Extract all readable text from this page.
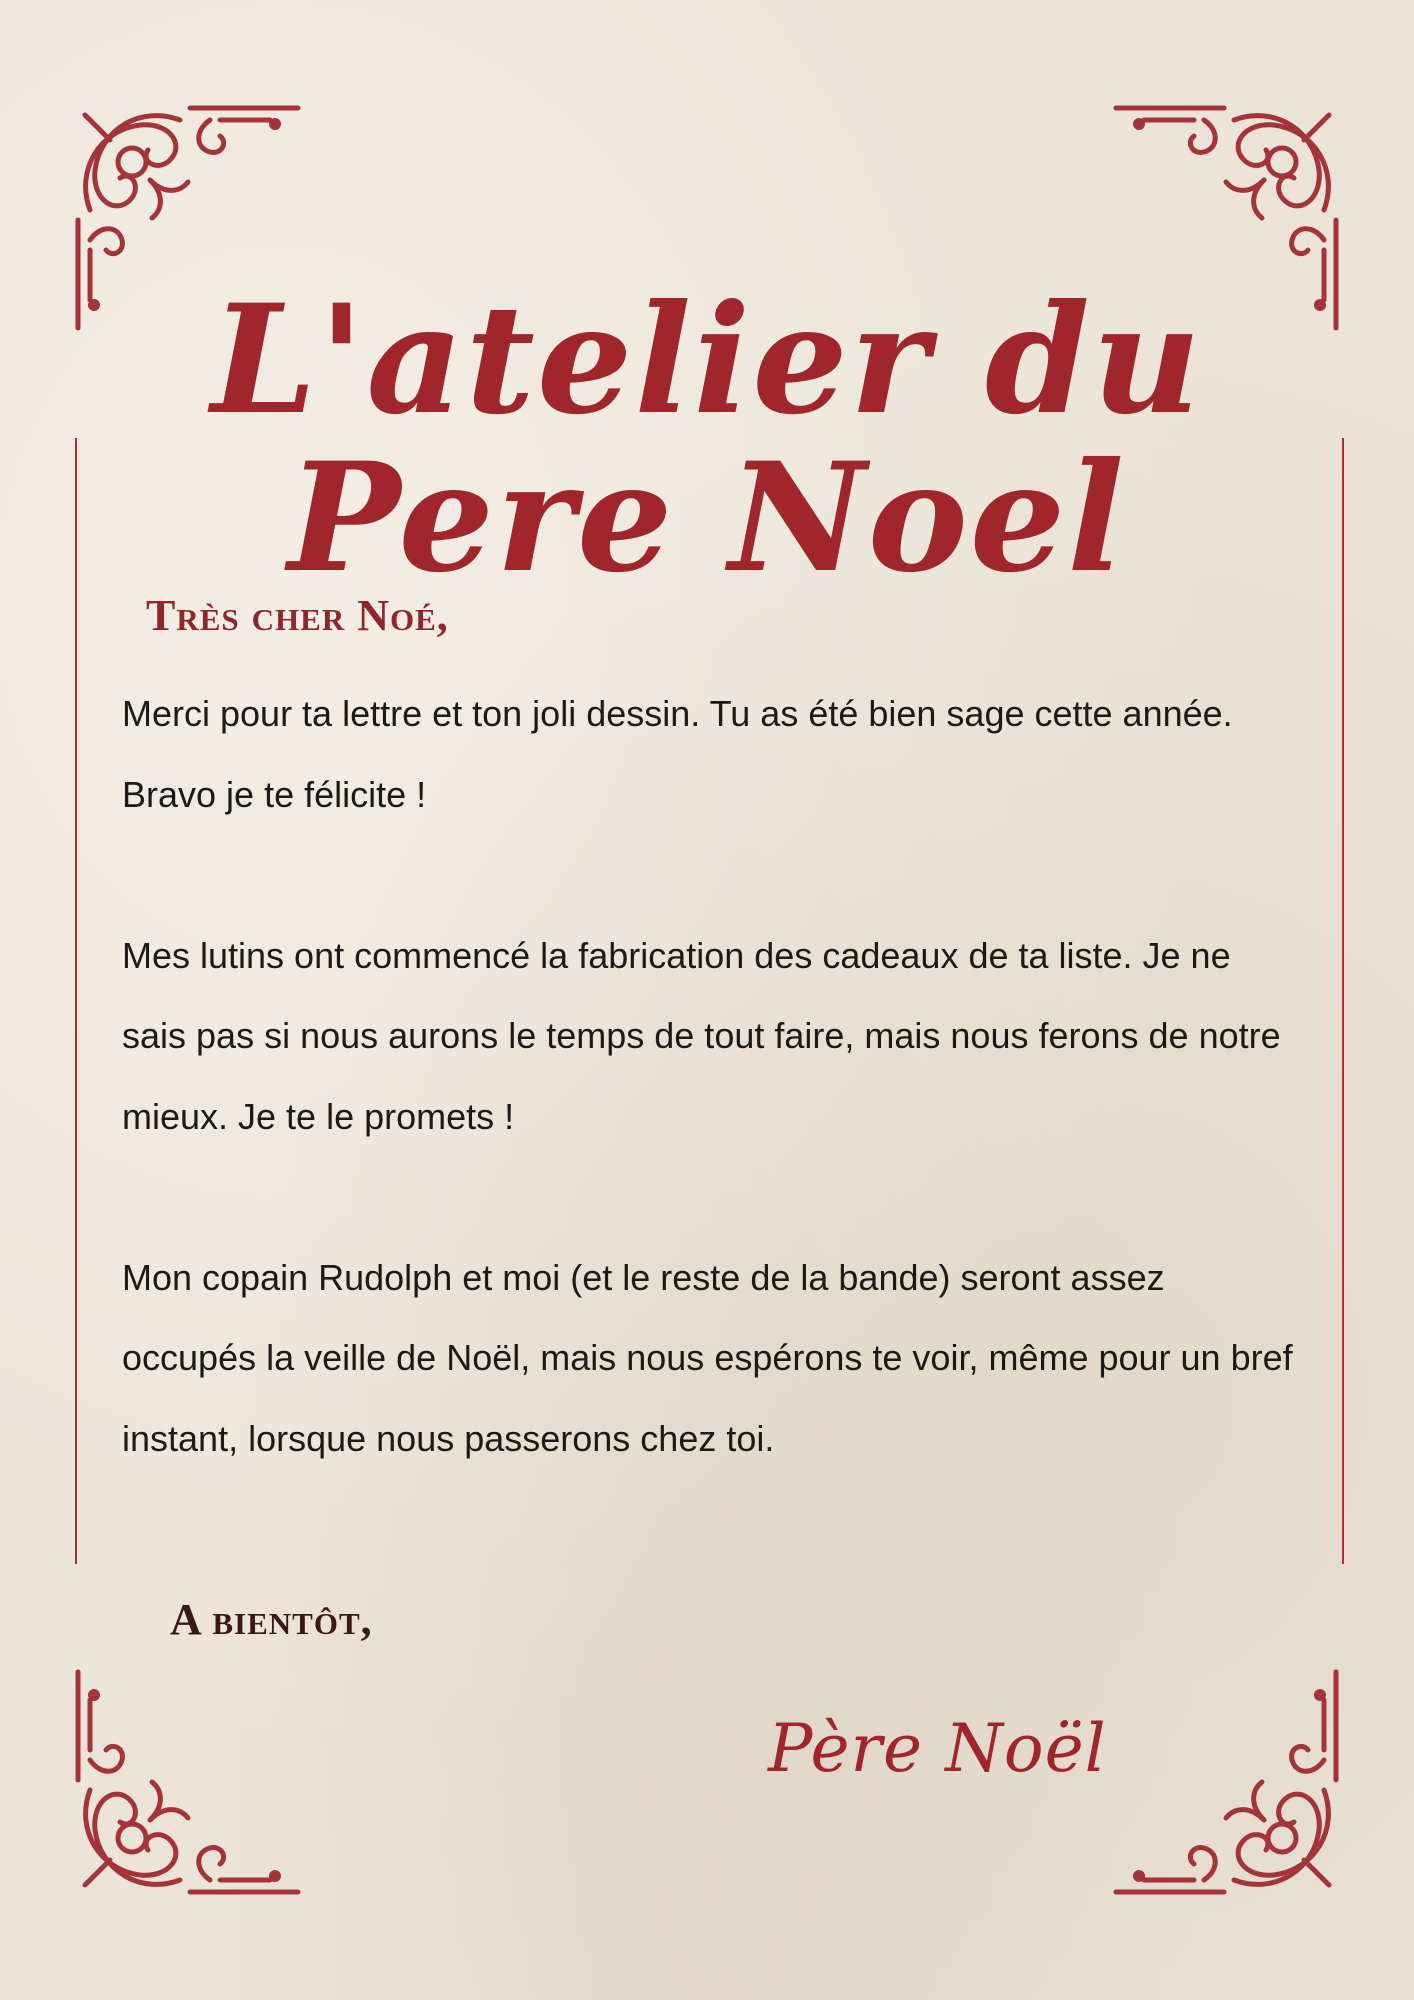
L'atelier du
Pere Noel
Très cher Noé,

Merci pour ta lettre et ton joli dessin. Tu as été bien sage cette année.

Bravo je te félicite !

Mes lutins ont commencé la fabrication des cadeaux de ta liste. Je ne sais pas si nous aurons le temps de tout faire, mais nous ferons de notre mieux. Je te le promets !

Mon copain Rudolph et moi (et le reste de la bande) seront assez occupés la veille de Noël, mais nous espérons te voir, même pour un bref instant, lorsque nous passerons chez toi.

A bientôt,
Père Noël
